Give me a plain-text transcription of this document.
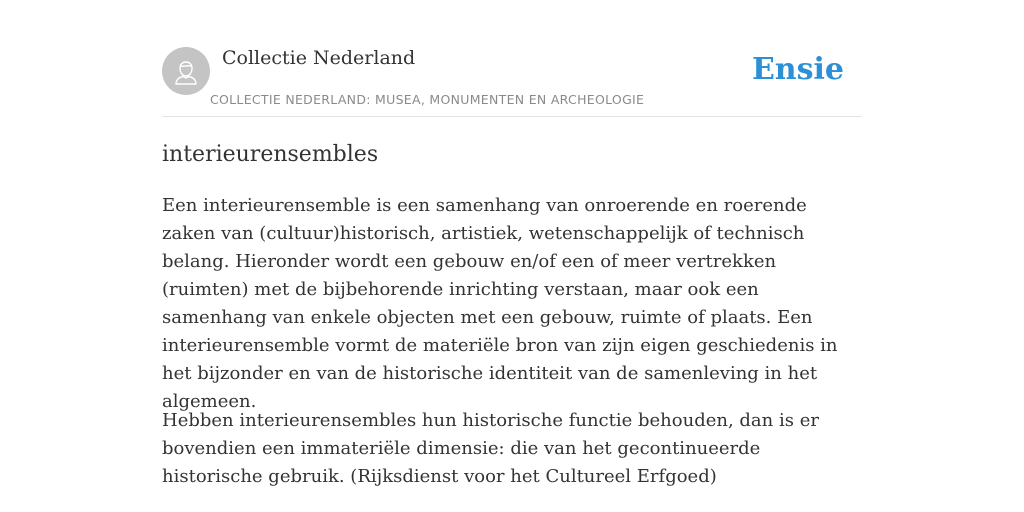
Collectie Nederland
COLLECTIE NEDERLAND: MUSEA, MONUMENTEN EN ARCHEOLOGIE
Ensie
interieurensembles

Een interieurensemble is een samenhang van onroerende en roerende zaken van (cultuur)historisch, artistiek, wetenschappelijk of technisch belang. Hieronder wordt een gebouw en/of een of meer vertrekken (ruimten) met de bijbehorende inrichting verstaan, maar ook een samenhang van enkele objecten met een gebouw, ruimte of plaats. Een interieurensemble vormt de materiële bron van zijn eigen geschiedenis in het bijzonder en van de historische identiteit van de samenleving in het algemeen.

Hebben interieurensembles hun historische functie behouden, dan is er bovendien een immateriële dimensie: die van het gecontinueerde historische gebruik. (Rijksdienst voor het Cultureel Erfgoed)
